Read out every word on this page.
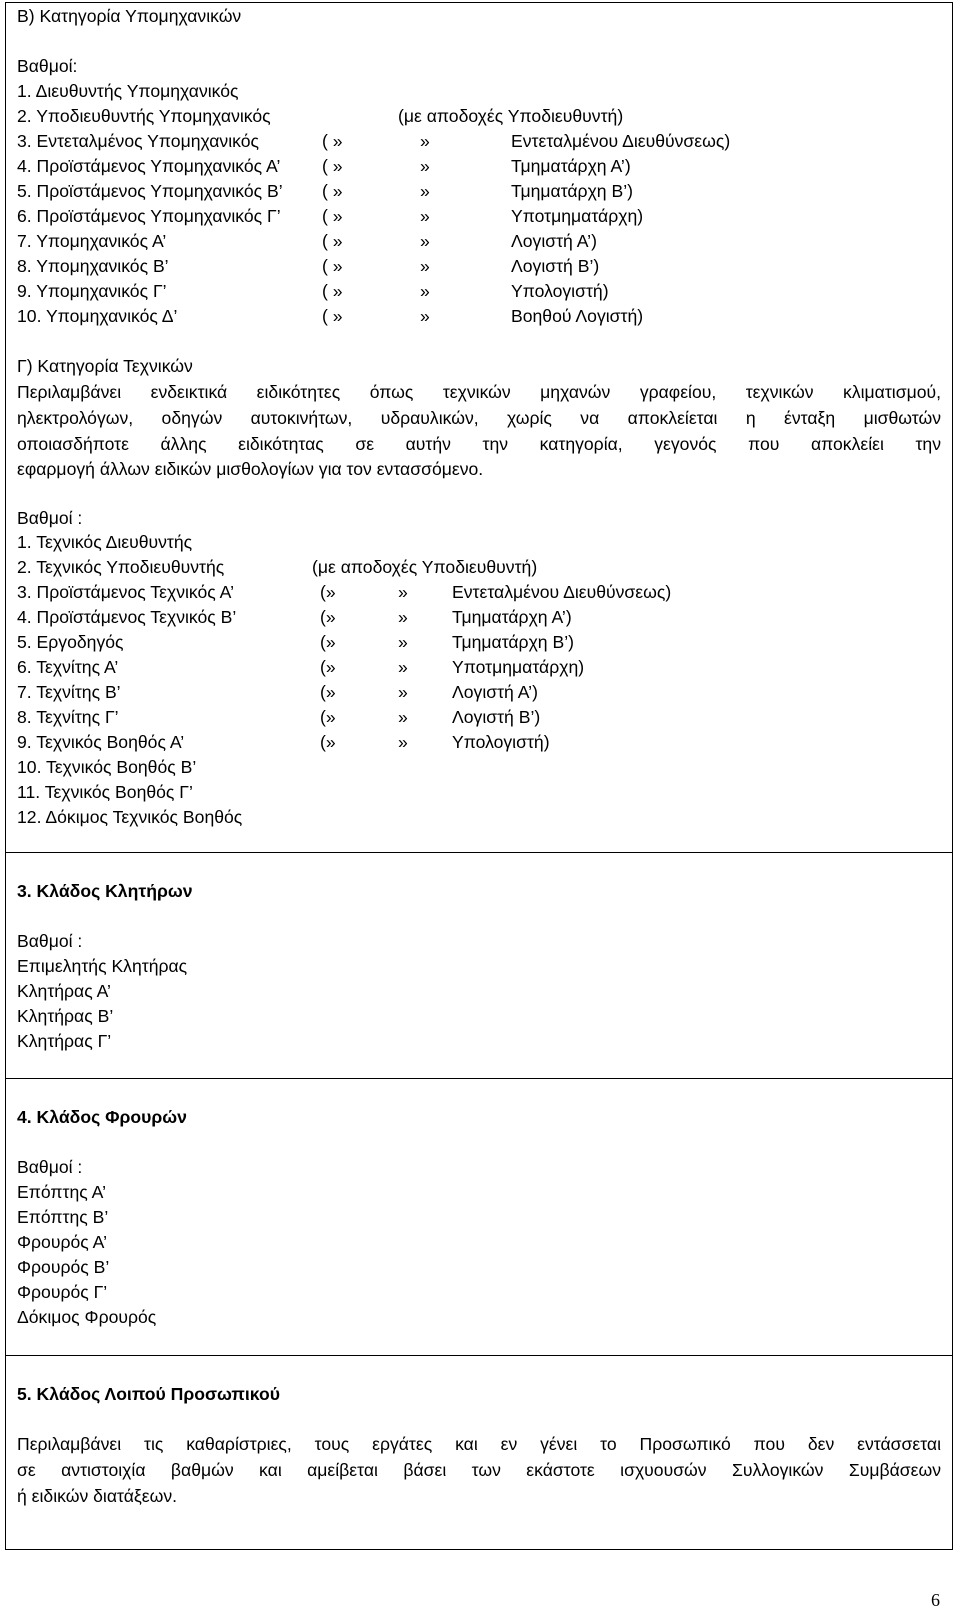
Β) Κατηγορία Υπομηχανικών
Βαθμοί:
1. Διευθυντής Υπομηχανικός
2. Υποδιευθυντής Υπομηχανικός	(με αποδοχές Υποδιευθυντή)
3. Εντεταλμένος Υπομηχανικός	( »	»	Εντεταλμένου Διευθύνσεως)
4. Προϊστάμενος Υπομηχανικός Α’ ( »	»	Τμηματάρχη Α’)
5. Προϊστάμενος Υπομηχανικός Β’ ( »	»	Τμηματάρχη Β’)
6. Προϊστάμενος Υπομηχανικός Γ’ ( »	»	Υποτμηματάρχη)
7. Υπομηχανικός Α’	( »	»	Λογιστή Α’)
8. Υπομηχανικός Β’	( »	»	Λογιστή Β’)
9. Υπομηχανικός Γ’	( »	»	Υπολογιστή)
10. Υπομηχανικός Δ’	( »	»	Βοηθού Λογιστή)
Γ) Κατηγορία Τεχνικών
Περιλαμβάνει ενδεικτικά ειδικότητες όπως τεχνικών μηχανών γραφείου, τεχνικών κλιματισμού,
ηλεκτρολόγων, οδηγών αυτοκινήτων, υδραυλικών, χωρίς να αποκλείεται η ένταξη μισθωτών
οποιασδήποτε άλλης ειδικότητας σε αυτήν την κατηγορία, γεγονός που αποκλείει την
εφαρμογή άλλων ειδικών μισθολογίων για τον εντασσόμενο.
Βαθμοί :
1. Τεχνικός Διευθυντής
2. Τεχνικός Υποδιευθυντής	(με αποδοχές Υποδιευθυντή)
3. Προϊστάμενος Τεχνικός Α’	(»	»	Εντεταλμένου Διευθύνσεως)
4. Προϊστάμενος Τεχνικός Β’	(»	»	Τμηματάρχη Α’)
5. Εργοδηγός	(»	»	Τμηματάρχη Β’)
6. Τεχνίτης Α’	(»	»	Υποτμηματάρχη)
7. Τεχνίτης Β’	(»	»	Λογιστή Α’)
8. Τεχνίτης Γ’	(»	»	Λογιστή Β’)
9. Τεχνικός Βοηθός Α’	(»	»	Υπολογιστή)
10. Τεχνικός Βοηθός Β’
11. Τεχνικός Βοηθός Γ’
12. Δόκιμος Τεχνικός Βοηθός
3. Κλάδος Κλητήρων
Βαθμοί :
Επιμελητής Κλητήρας
Κλητήρας Α’
Κλητήρας Β’
Κλητήρας Γ’
4. Κλάδος Φρουρών
Βαθμοί :
Επόπτης Α’
Επόπτης Β’
Φρουρός Α’
Φρουρός Β’
Φρουρός Γ’
Δόκιμος Φρουρός
5. Κλάδος Λοιπού Προσωπικού
Περιλαμβάνει τις καθαρίστριες, τους εργάτες και εν γένει το Προσωπικό που δεν εντάσσεται
σε αντιστοιχία βαθμών και αμείβεται βάσει των εκάστοτε ισχυουσών Συλλογικών Συμβάσεων
ή ειδικών διατάξεων.
6
